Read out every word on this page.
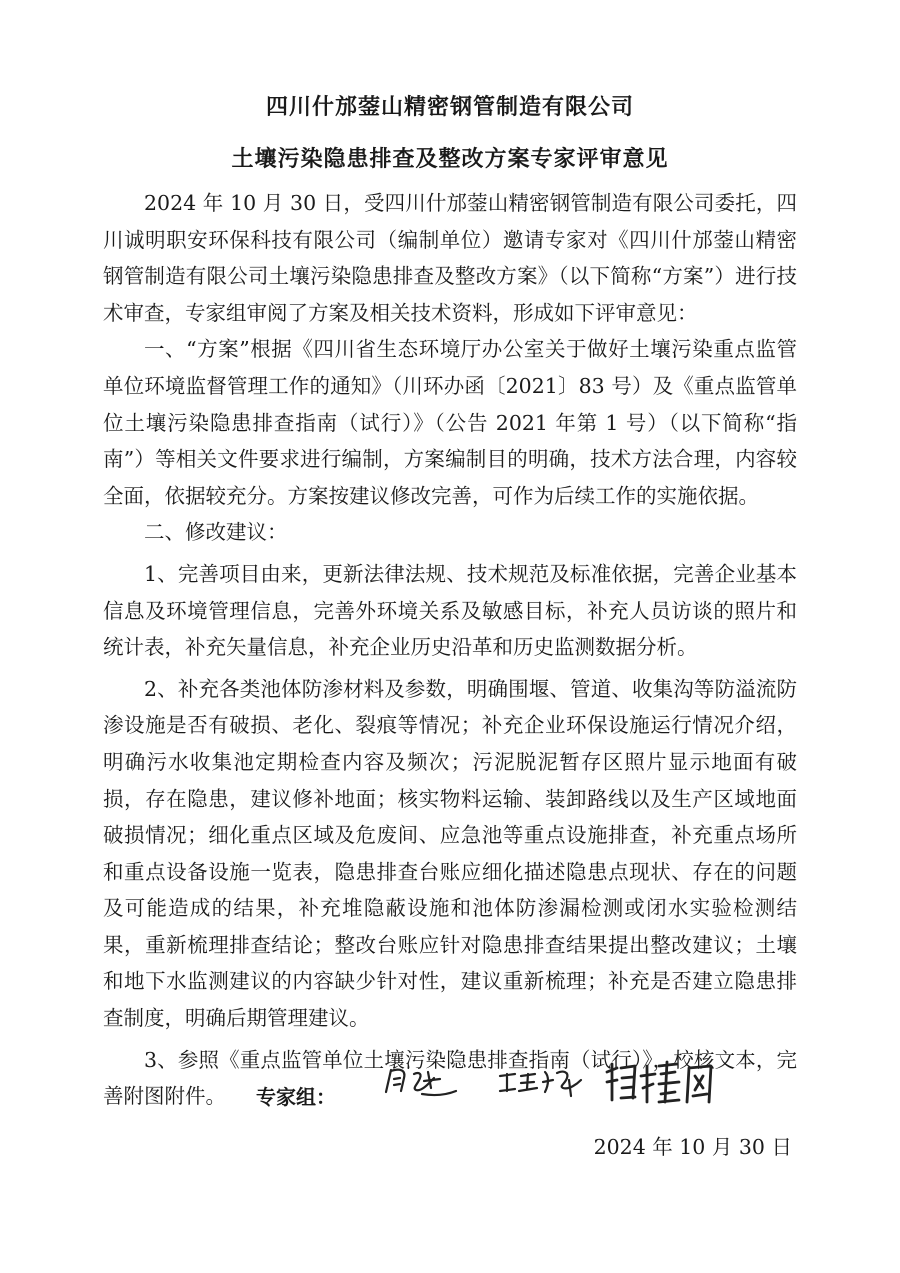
四川什邡蓥山精密钢管制造有限公司
土壤污染隐患排查及整改方案专家评审意见

2024 年 10 月 30 日，受四川什邡蓥山精密钢管制造有限公司委托，四川诚明职安环保科技有限公司（编制单位）邀请专家对《四川什邡蓥山精密钢管制造有限公司土壤污染隐患排查及整改方案》（以下简称“方案”）进行技术审查，专家组审阅了方案及相关技术资料，形成如下评审意见：

一、“方案”根据《四川省生态环境厅办公室关于做好土壤污染重点监管单位环境监督管理工作的通知》（川环办函〔2021〕83 号）及《重点监管单位土壤污染隐患排查指南（试行）》（公告 2021 年第 1 号）（以下简称“指南”）等相关文件要求进行编制，方案编制目的明确，技术方法合理，内容较全面，依据较充分。方案按建议修改完善，可作为后续工作的实施依据。

二、修改建议：

1、完善项目由来，更新法律法规、技术规范及标准依据，完善企业基本信息及环境管理信息，完善外环境关系及敏感目标，补充人员访谈的照片和统计表，补充矢量信息，补充企业历史沿革和历史监测数据分析。

2、补充各类池体防渗材料及参数，明确围堰、管道、收集沟等防溢流防渗设施是否有破损、老化、裂痕等情况；补充企业环保设施运行情况介绍，明确污水收集池定期检查内容及频次；污泥脱泥暂存区照片显示地面有破损，存在隐患，建议修补地面；核实物料运输、装卸路线以及生产区域地面破损情况；细化重点区域及危废间、应急池等重点设施排查，补充重点场所和重点设备设施一览表，隐患排查台账应细化描述隐患点现状、存在的问题及可能造成的结果，补充堆隐蔽设施和池体防渗漏检测或闭水实验检测结果，重新梳理排查结论；整改台账应针对隐患排查结果提出整改建议；土壤和地下水监测建议的内容缺少针对性，建议重新梳理；补充是否建立隐患排查制度，明确后期管理建议。

3、参照《重点监管单位土壤污染隐患排查指南（试行）》，校核文本，完善附图附件。	专家组：
2024 年 10 月 30 日
